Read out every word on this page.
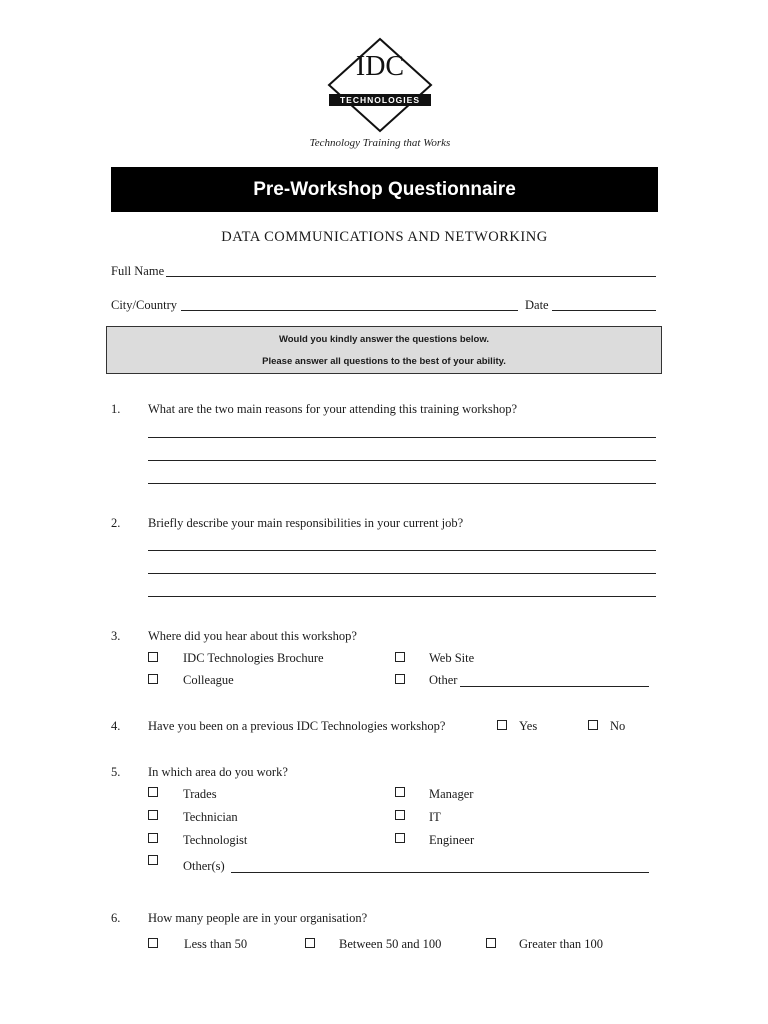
IDC
TECHNOLOGIES
Technology Training that Works
Pre-Workshop Questionnaire
DATA COMMUNICATIONS AND NETWORKING
Full Name
City/Country	Date
Would you kindly answer the questions below.
Please answer all questions to the best of your ability.
1. What are the two main reasons for your attending this training workshop?
2. Briefly describe your main responsibilities in your current job?
3. Where did you hear about this workshop?
IDC Technologies Brochure	Web Site
Colleague	Other
4. Have you been on a previous IDC Technologies workshop?	Yes	No
5. In which area do you work?
Trades	Manager
Technician	IT
Technologist	Engineer
Other(s)
6. How many people are in your organisation?
Less than 50	Between 50 and 100	Greater than 100
